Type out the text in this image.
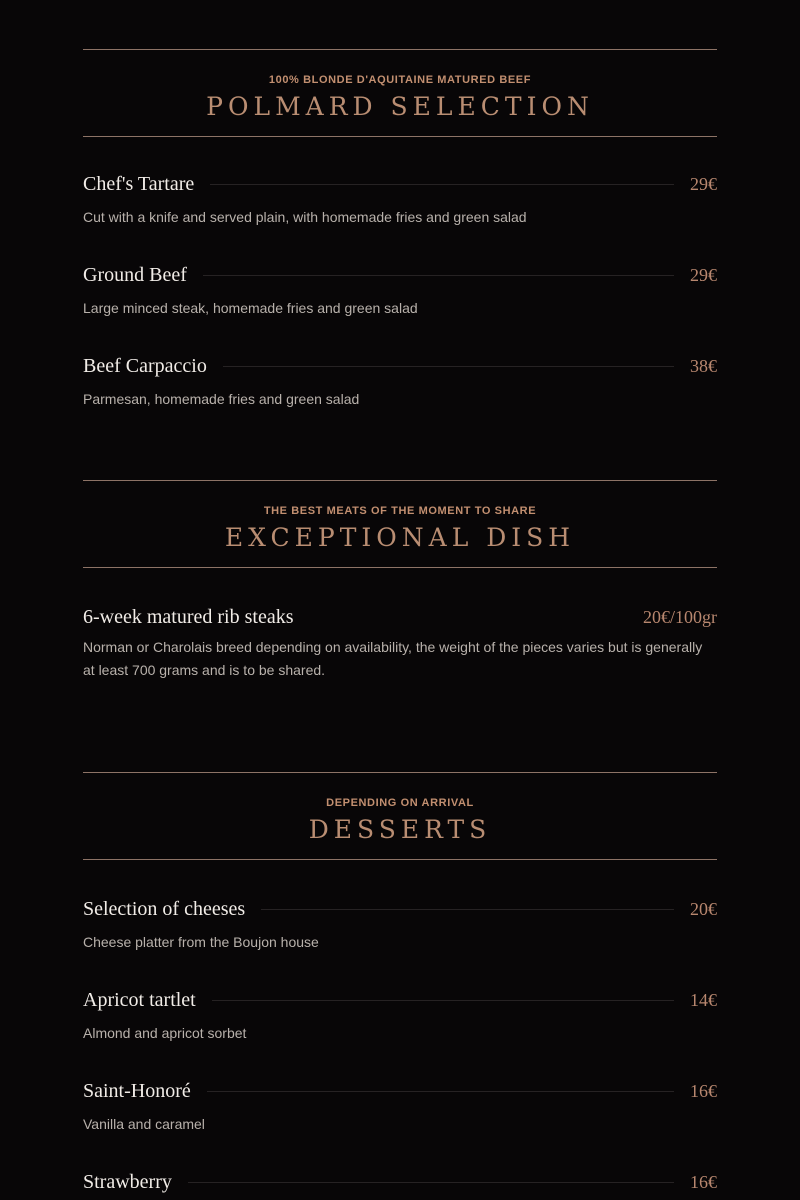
100% BLONDE D'AQUITAINE MATURED BEEF
POLMARD SELECTION
Chef's Tartare	29€
Cut with a knife and served plain, with homemade fries and green salad
Ground Beef	29€
Large minced steak, homemade fries and green salad
Beef Carpaccio	38€
Parmesan, homemade fries and green salad
THE BEST MEATS OF THE MOMENT TO SHARE
EXCEPTIONAL DISH
6-week matured rib steaks	20€/100gr
Norman or Charolais breed depending on availability, the weight of the pieces varies but is generally at least 700 grams and is to be shared.
DEPENDING ON ARRIVAL
DESSERTS
Selection of cheeses	20€
Cheese platter from the Boujon house
Apricot tartlet	14€
Almond and apricot sorbet
Saint-Honoré	16€
Vanilla and caramel
Strawberry	16€
